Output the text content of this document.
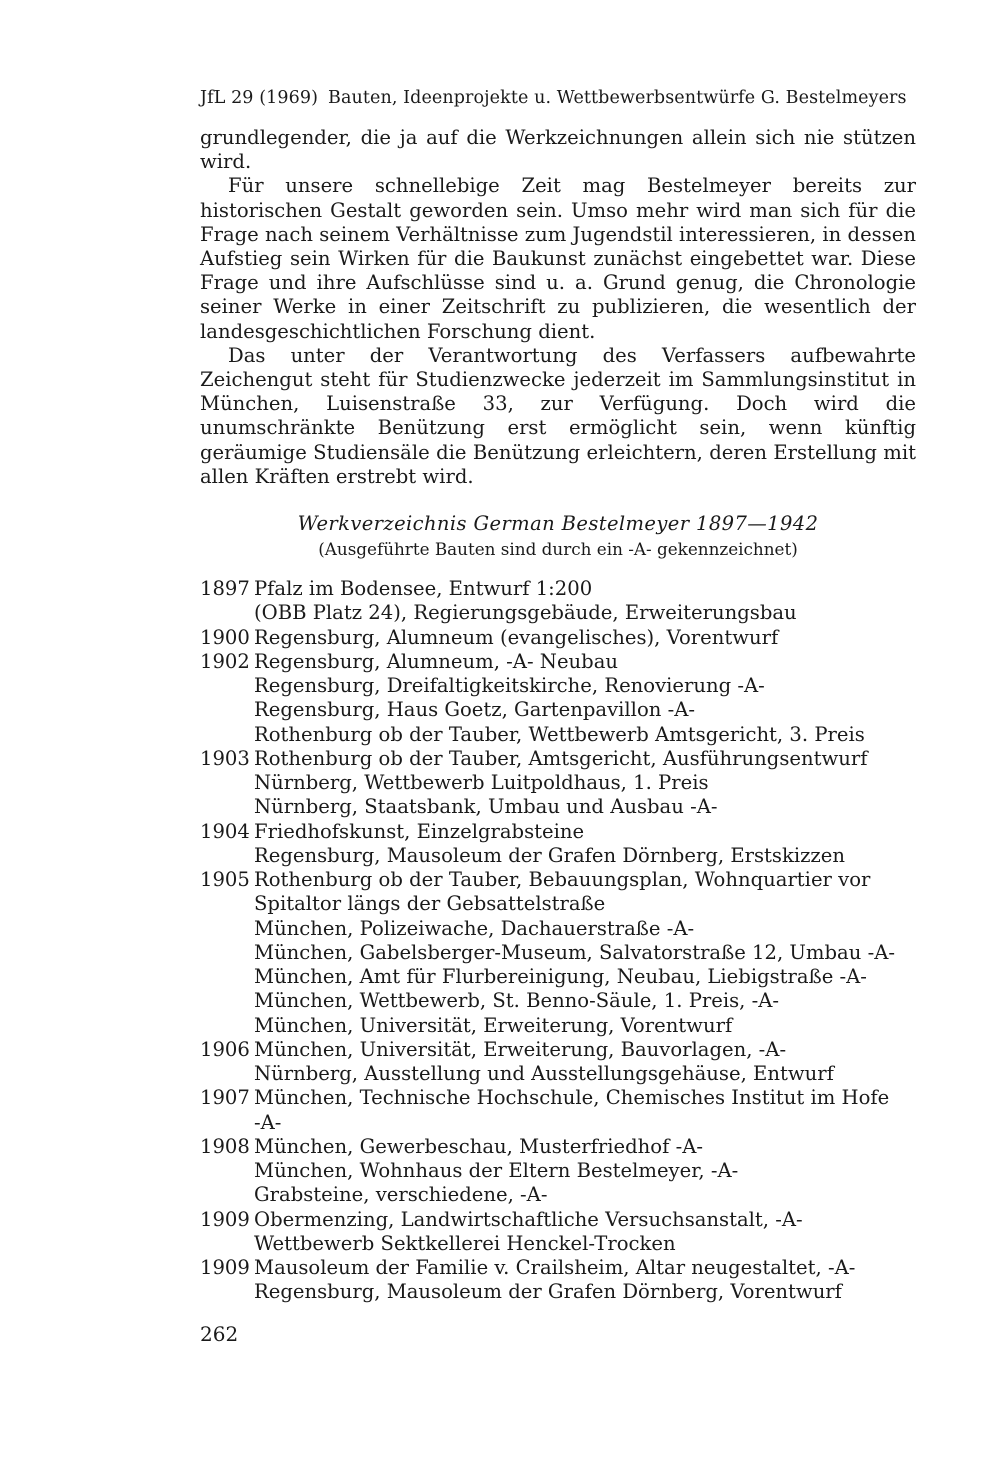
JfL 29 (1969) Bauten, Ideenprojekte u. Wettbewerbsentwürfe G. Bestelmeyers

grundlegender, die ja auf die Werkzeichnungen allein sich nie stützen wird.

Für unsere schnellebige Zeit mag Bestelmeyer bereits zur historischen Gestalt geworden sein. Umso mehr wird man sich für die Frage nach seinem Verhältnisse zum Jugendstil interessieren, in dessen Aufstieg sein Wirken für die Baukunst zunächst eingebettet war. Diese Frage und ihre Aufschlüsse sind u. a. Grund genug, die Chronologie seiner Werke in einer Zeitschrift zu publizieren, die wesentlich der landesgeschichtlichen Forschung dient.

Das unter der Verantwortung des Verfassers aufbewahrte Zeichengut steht für Studienzwecke jederzeit im Sammlungsinstitut in München, Luisenstraße 33, zur Verfügung. Doch wird die unumschränkte Benützung erst ermöglicht sein, wenn künftig geräumige Studiensäle die Benützung erleichtern, deren Erstellung mit allen Kräften erstrebt wird.

Werkverzeichnis German Bestelmeyer 1897—1942
(Ausgeführte Bauten sind durch ein -A- gekennzeichnet)
1897 Pfalz im Bodensee, Entwurf 1:200
(OBB Platz 24), Regierungsgebäude, Erweiterungsbau
1900 Regensburg, Alumneum (evangelisches), Vorentwurf
1902 Regensburg, Alumneum, -A- Neubau
Regensburg, Dreifaltigkeitskirche, Renovierung -A-
Regensburg, Haus Goetz, Gartenpavillon -A-
Rothenburg ob der Tauber, Wettbewerb Amtsgericht, 3. Preis
1903 Rothenburg ob der Tauber, Amtsgericht, Ausführungsentwurf
Nürnberg, Wettbewerb Luitpoldhaus, 1. Preis
Nürnberg, Staatsbank, Umbau und Ausbau -A-
1904 Friedhofskunst, Einzelgrabsteine
Regensburg, Mausoleum der Grafen Dörnberg, Erstskizzen
1905 Rothenburg ob der Tauber, Bebauungsplan, Wohnquartier vor
Spitaltor längs der Gebsattelstraße
München, Polizeiwache, Dachauerstraße -A-
München, Gabelsberger-Museum, Salvatorstraße 12, Umbau -A-
München, Amt für Flurbereinigung, Neubau, Liebigstraße -A-
München, Wettbewerb, St. Benno-Säule, 1. Preis, -A-
München, Universität, Erweiterung, Vorentwurf
1906 München, Universität, Erweiterung, Bauvorlagen, -A-
Nürnberg, Ausstellung und Ausstellungsgehäuse, Entwurf
1907 München, Technische Hochschule, Chemisches Institut im Hofe
-A-
1908 München, Gewerbeschau, Musterfriedhof -A-
München, Wohnhaus der Eltern Bestelmeyer, -A-
Grabsteine, verschiedene, -A-
1909 Obermenzing, Landwirtschaftliche Versuchsanstalt, -A-
Wettbewerb Sektkellerei Henckel-Trocken
1909 Mausoleum der Familie v. Crailsheim, Altar neugestaltet, -A-
Regensburg, Mausoleum der Grafen Dörnberg, Vorentwurf
262
